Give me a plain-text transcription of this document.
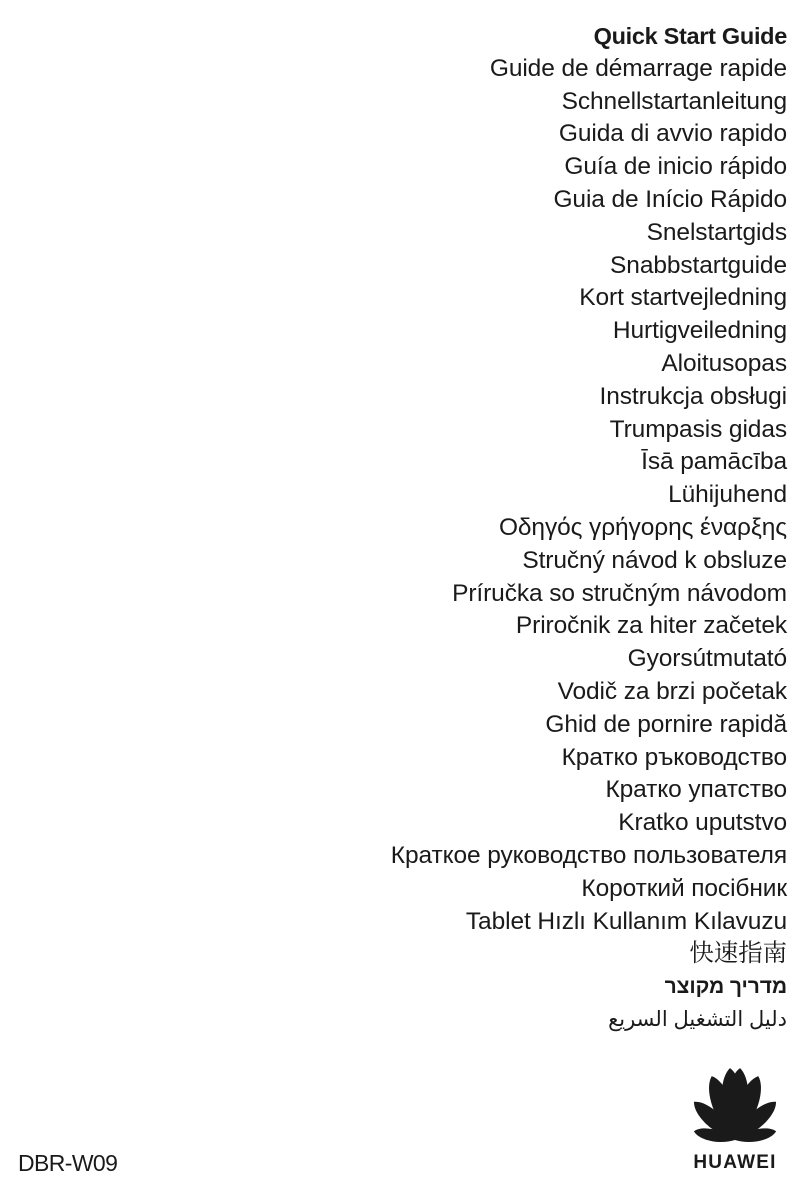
Quick Start Guide
Guide de démarrage rapide
Schnellstartanleitung
Guida di avvio rapido
Guía de inicio rápido
Guia de Início Rápido
Snelstartgids
Snabbstartguide
Kort startvejledning
Hurtigveiledning
Aloitusopas
Instrukcja obsługi
Trumpasis gidas
Īsā pamācība
Lühijuhend
Οδηγός γρήγορης έναρξης
Stručný návod k obsluze
Príručka so stručným návodom
Priročnik za hiter začetek
Gyorsútmutató
Vodič za brzi početak
Ghid de pornire rapidă
Кратко ръководство
Кратко упатство
Kratko uputstvo
Краткое руководство пользователя
Короткий посібник
Tablet Hızlı Kullanım Kılavuzu
快速指南
מדריך מקוצר
دليل التشغيل السريع
DBR-W09	HUAWEI
